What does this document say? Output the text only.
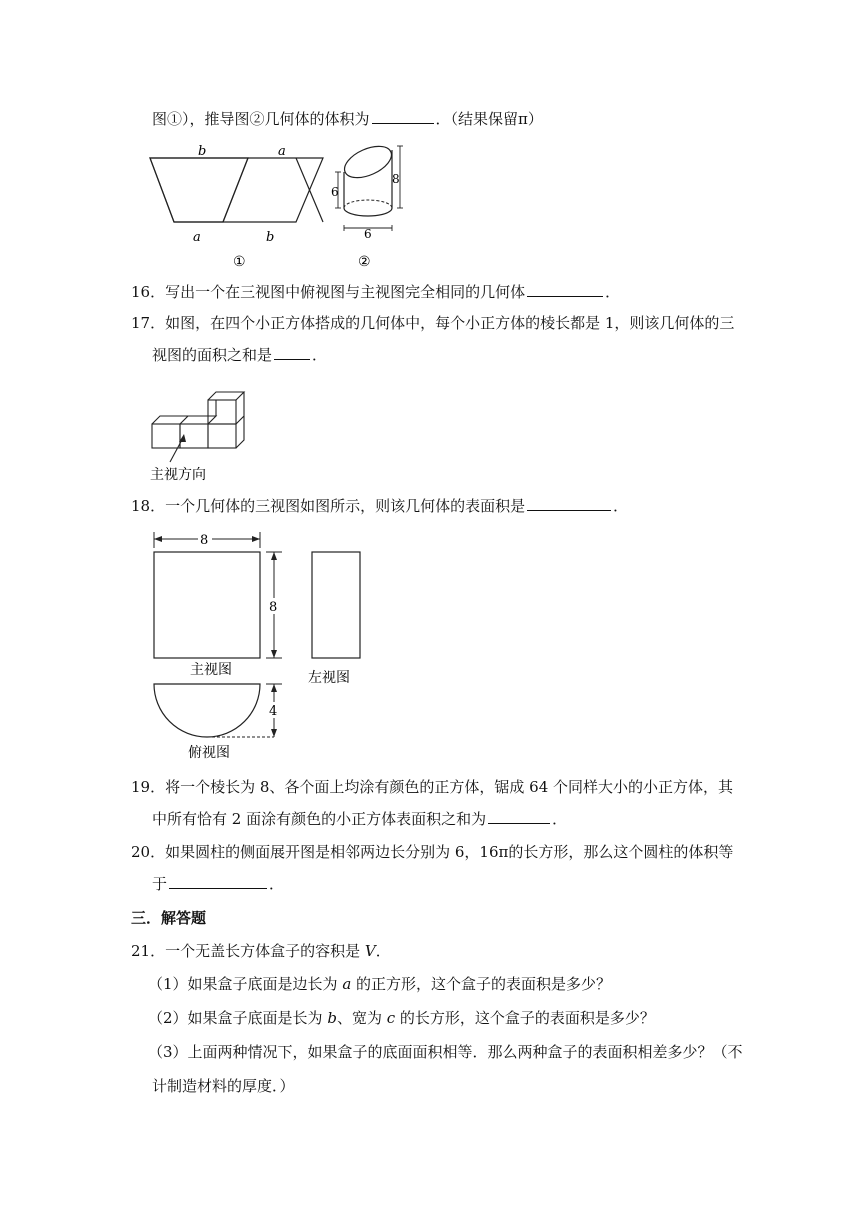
图①），推导图②几何体的体积为	．（结果保留π）
b	a
a	b
①
6
8
6
②
16．写出一个在三视图中俯视图与主视图完全相同的几何体	．
17．如图，在四个小正方体搭成的几何体中，每个小正方体的棱长都是 1，则该几何体的三
视图的面积之和是	．
主视方向
18．一个几何体的三视图如图所示，则该几何体的表面积是	．
8
主视图
8
左视图
4
俯视图
19．将一个棱长为 8、各个面上均涂有颜色的正方体，锯成 64 个同样大小的小正方体，其
中所有恰有 2 面涂有颜色的小正方体表面积之和为	．
20．如果圆柱的侧面展开图是相邻两边长分别为 6，16π的长方形，那么这个圆柱的体积等
于	．
三．解答题
21．一个无盖长方体盒子的容积是 V．
（1）如果盒子底面是边长为 a 的正方形，这个盒子的表面积是多少？
（2）如果盒子底面是长为 b、宽为 c 的长方形，这个盒子的表面积是多少？
（3）上面两种情况下，如果盒子的底面面积相等．那么两种盒子的表面积相差多少？（不
计制造材料的厚度．）
